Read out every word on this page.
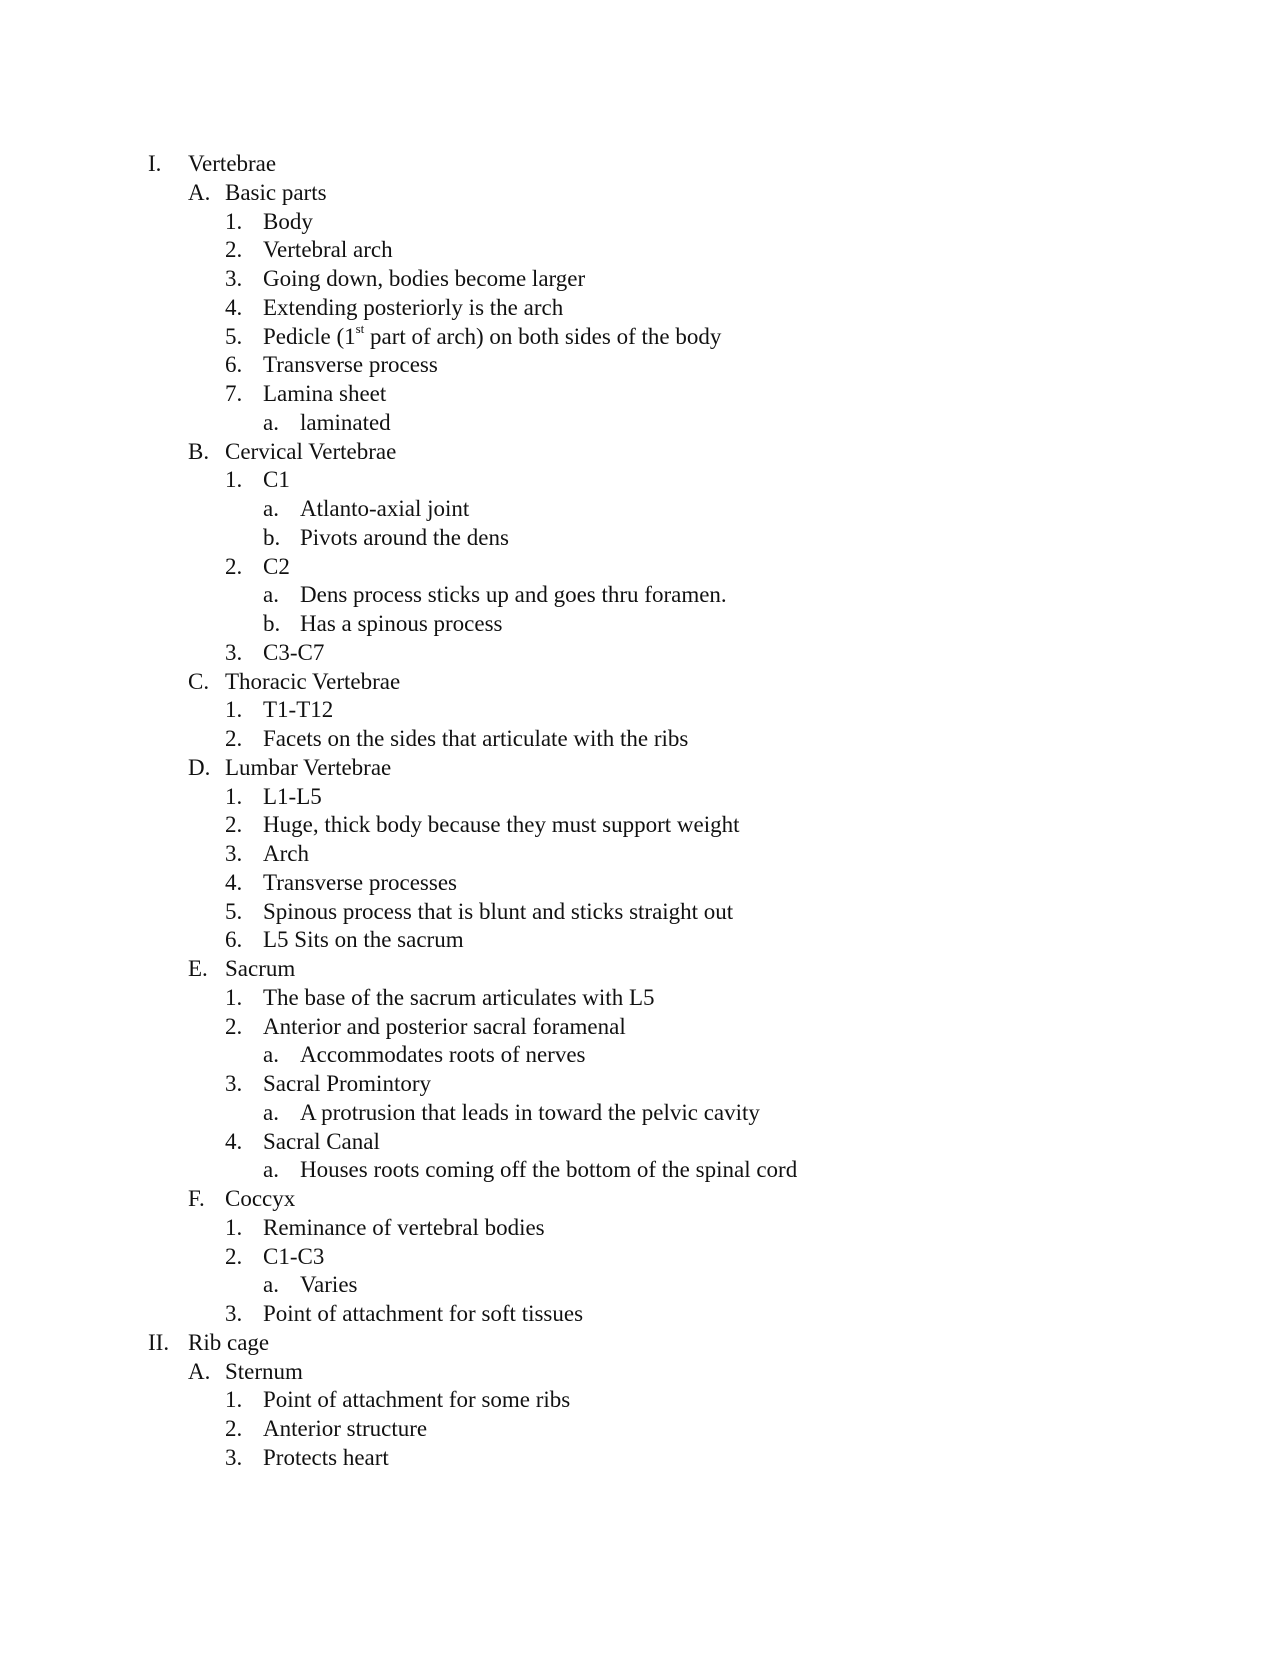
I. Vertebrae
A. Basic parts
1. Body
2. Vertebral arch
3. Going down, bodies become larger
4. Extending posteriorly is the arch
5. Pedicle (1st part of arch) on both sides of the body
6. Transverse process
7. Lamina sheet
a. laminated
B. Cervical Vertebrae
1. C1
a. Atlanto-axial joint
b. Pivots around the dens
2. C2
a. Dens process sticks up and goes thru foramen.
b. Has a spinous process
3. C3-C7
C. Thoracic Vertebrae
1. T1-T12
2. Facets on the sides that articulate with the ribs
D. Lumbar Vertebrae
1. L1-L5
2. Huge, thick body because they must support weight
3. Arch
4. Transverse processes
5. Spinous process that is blunt and sticks straight out
6. L5 Sits on the sacrum
E. Sacrum
1. The base of the sacrum articulates with L5
2. Anterior and posterior sacral foramenal
a. Accommodates roots of nerves
3. Sacral Promintory
a. A protrusion that leads in toward the pelvic cavity
4. Sacral Canal
a. Houses roots coming off the bottom of the spinal cord
F. Coccyx
1. Reminance of vertebral bodies
2. C1-C3
a. Varies
3. Point of attachment for soft tissues
II. Rib cage
A. Sternum
1. Point of attachment for some ribs
2. Anterior structure
3. Protects heart
